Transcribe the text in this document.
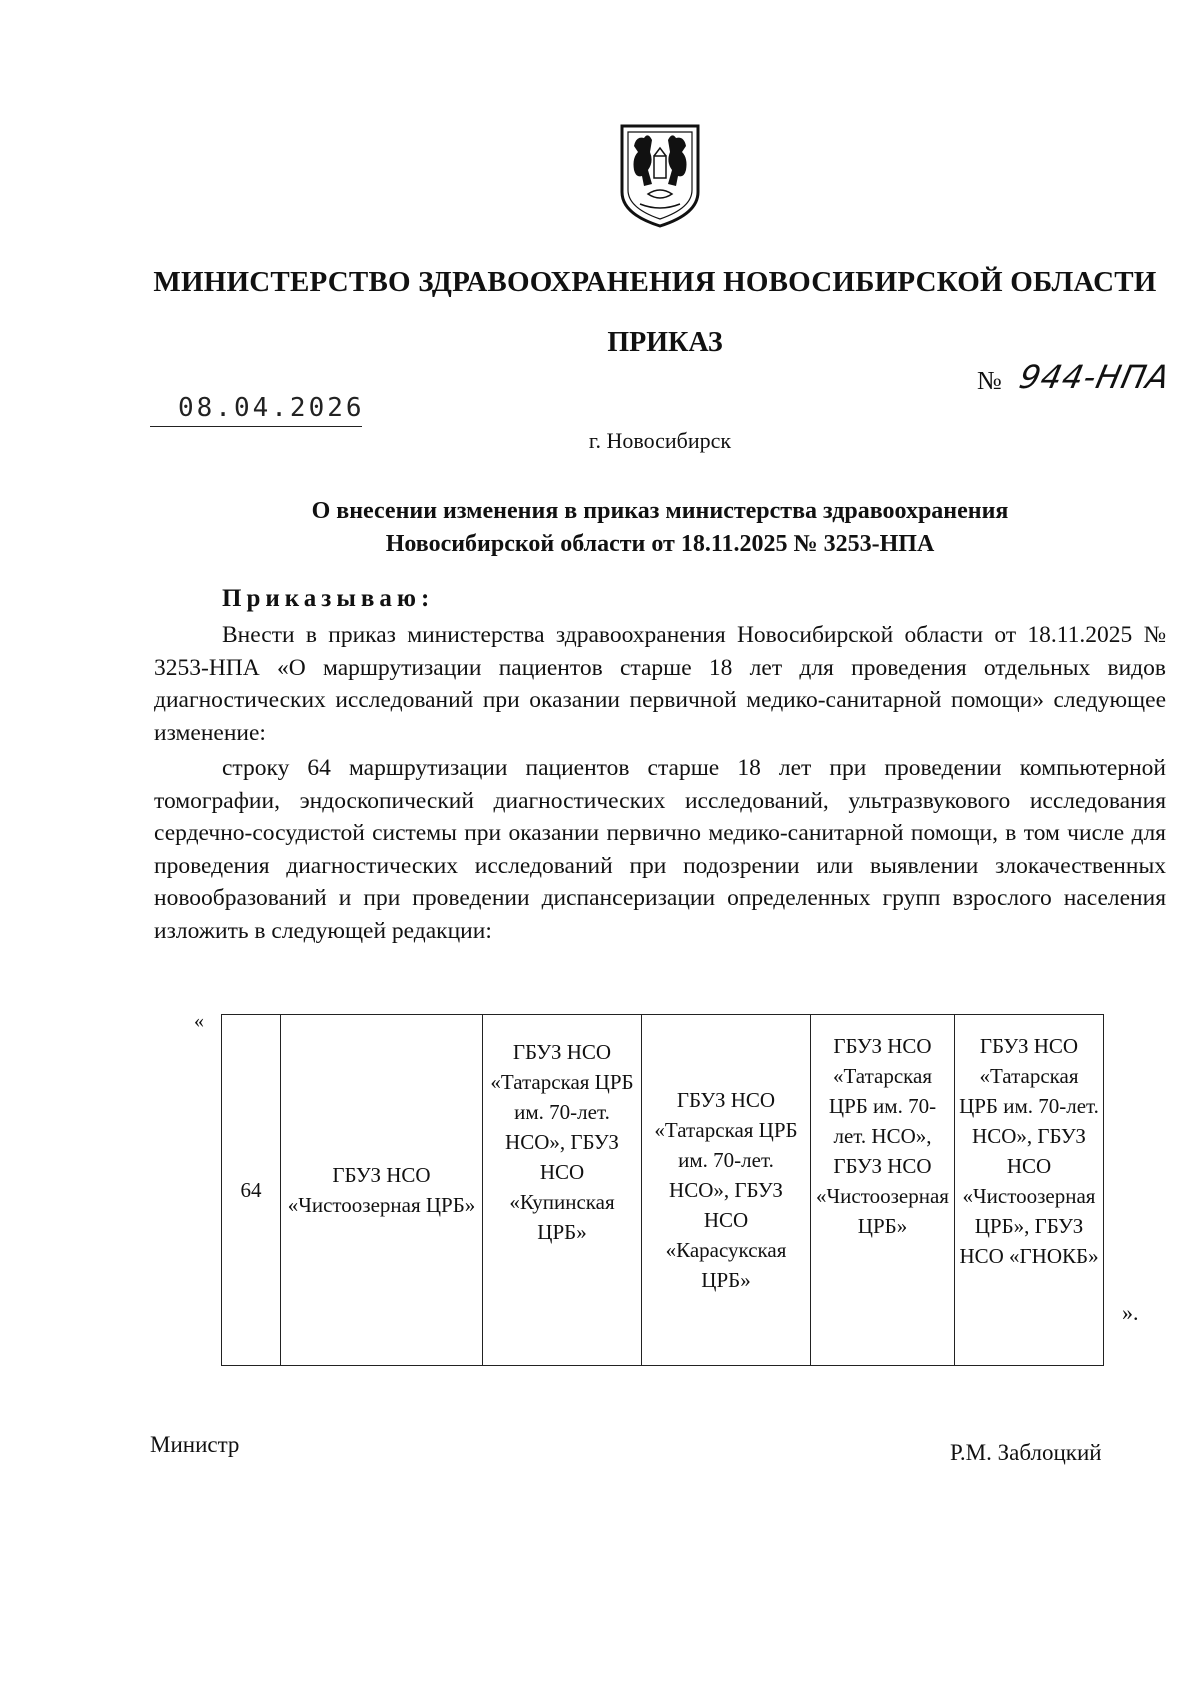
МИНИСТЕРСТВО ЗДРАВООХРАНЕНИЯ НОВОСИБИРСКОЙ ОБЛАСТИ
ПРИКАЗ
№ 944-НПА
08.04.2026
г. Новосибирск
О внесении изменения в приказ министерства здравоохранения
Новосибирской области от 18.11.2025 № 3253-НПА
Приказываю:
Внести в приказ министерства здравоохранения Новосибирской области от 18.11.2025 № 3253-НПА «О маршрутизации пациентов старше 18 лет для проведения отдельных видов диагностических исследований при оказании первичной медико-санитарной помощи» следующее изменение:
строку 64 маршрутизации пациентов старше 18 лет при проведении компьютерной томографии, эндоскопический диагностических исследований, ультразвукового исследования сердечно-сосудистой системы при оказании первично медико-санитарной помощи, в том числе для проведения диагностических исследований при подозрении или выявлении злокачественных новообразований и при проведении диспансеризации определенных групп взрослого населения изложить в следующей редакции:
«
64	ГБУЗ НСО «Чистоозерная ЦРБ»	ГБУЗ НСО «Татарская ЦРБ им. 70-лет. НСО», ГБУЗ НСО «Купинская ЦРБ»	ГБУЗ НСО «Татарская ЦРБ им. 70-лет. НСО», ГБУЗ НСО «Карасукская ЦРБ»	ГБУЗ НСО «Татарская ЦРБ им. 70-лет. НСО», ГБУЗ НСО «Чистоозерная ЦРБ»	ГБУЗ НСО «Татарская ЦРБ им. 70-лет. НСО», ГБУЗ НСО «Чистоозерная ЦРБ», ГБУЗ НСО «ГНОКБ»
».
Министр	Р.М. Заблоцкий
